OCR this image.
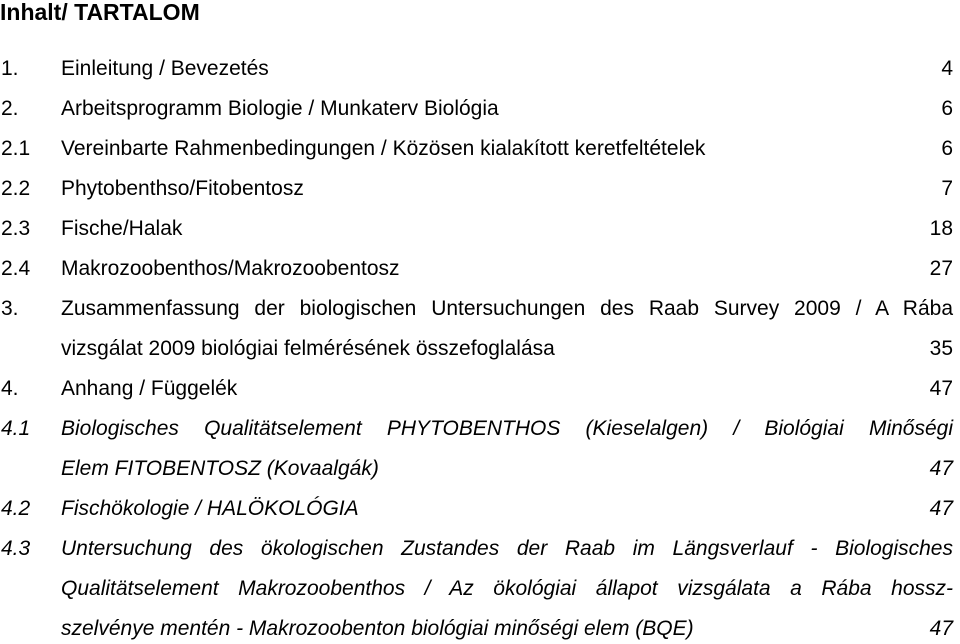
Inhalt/ TARTALOM
1. Einleitung / Bevezetés	4
2. Arbeitsprogramm Biologie / Munkaterv Biológia	6
2.1 Vereinbarte Rahmenbedingungen / Közösen kialakított keretfeltételek	6
2.2 Phytobenthso/Fitobentosz	7
2.3 Fische/Halak	18
2.4 Makrozoobenthos/Makrozoobentosz	27
3. Zusammenfassung der biologischen Untersuchungen des Raab Survey 2009 / A Rába
vizsgálat 2009 biológiai felmérésének összefoglalása	35
4. Anhang / Függelék	47
4.1 Biologisches Qualitätselement PHYTOBENTHOS (Kieselalgen) / Biológiai Minőségi
Elem FITOBENTOSZ (Kovaalgák)	47
4.2 Fischökologie / HALÖKOLÓGIA	47
4.3 Untersuchung des ökologischen Zustandes der Raab im Längsverlauf - Biologisches
Qualitätselement Makrozoobenthos / Az ökológiai állapot vizsgálata a Rába hossz-
szelvénye mentén - Makrozoobenton biológiai minőségi elem (BQE)	47
